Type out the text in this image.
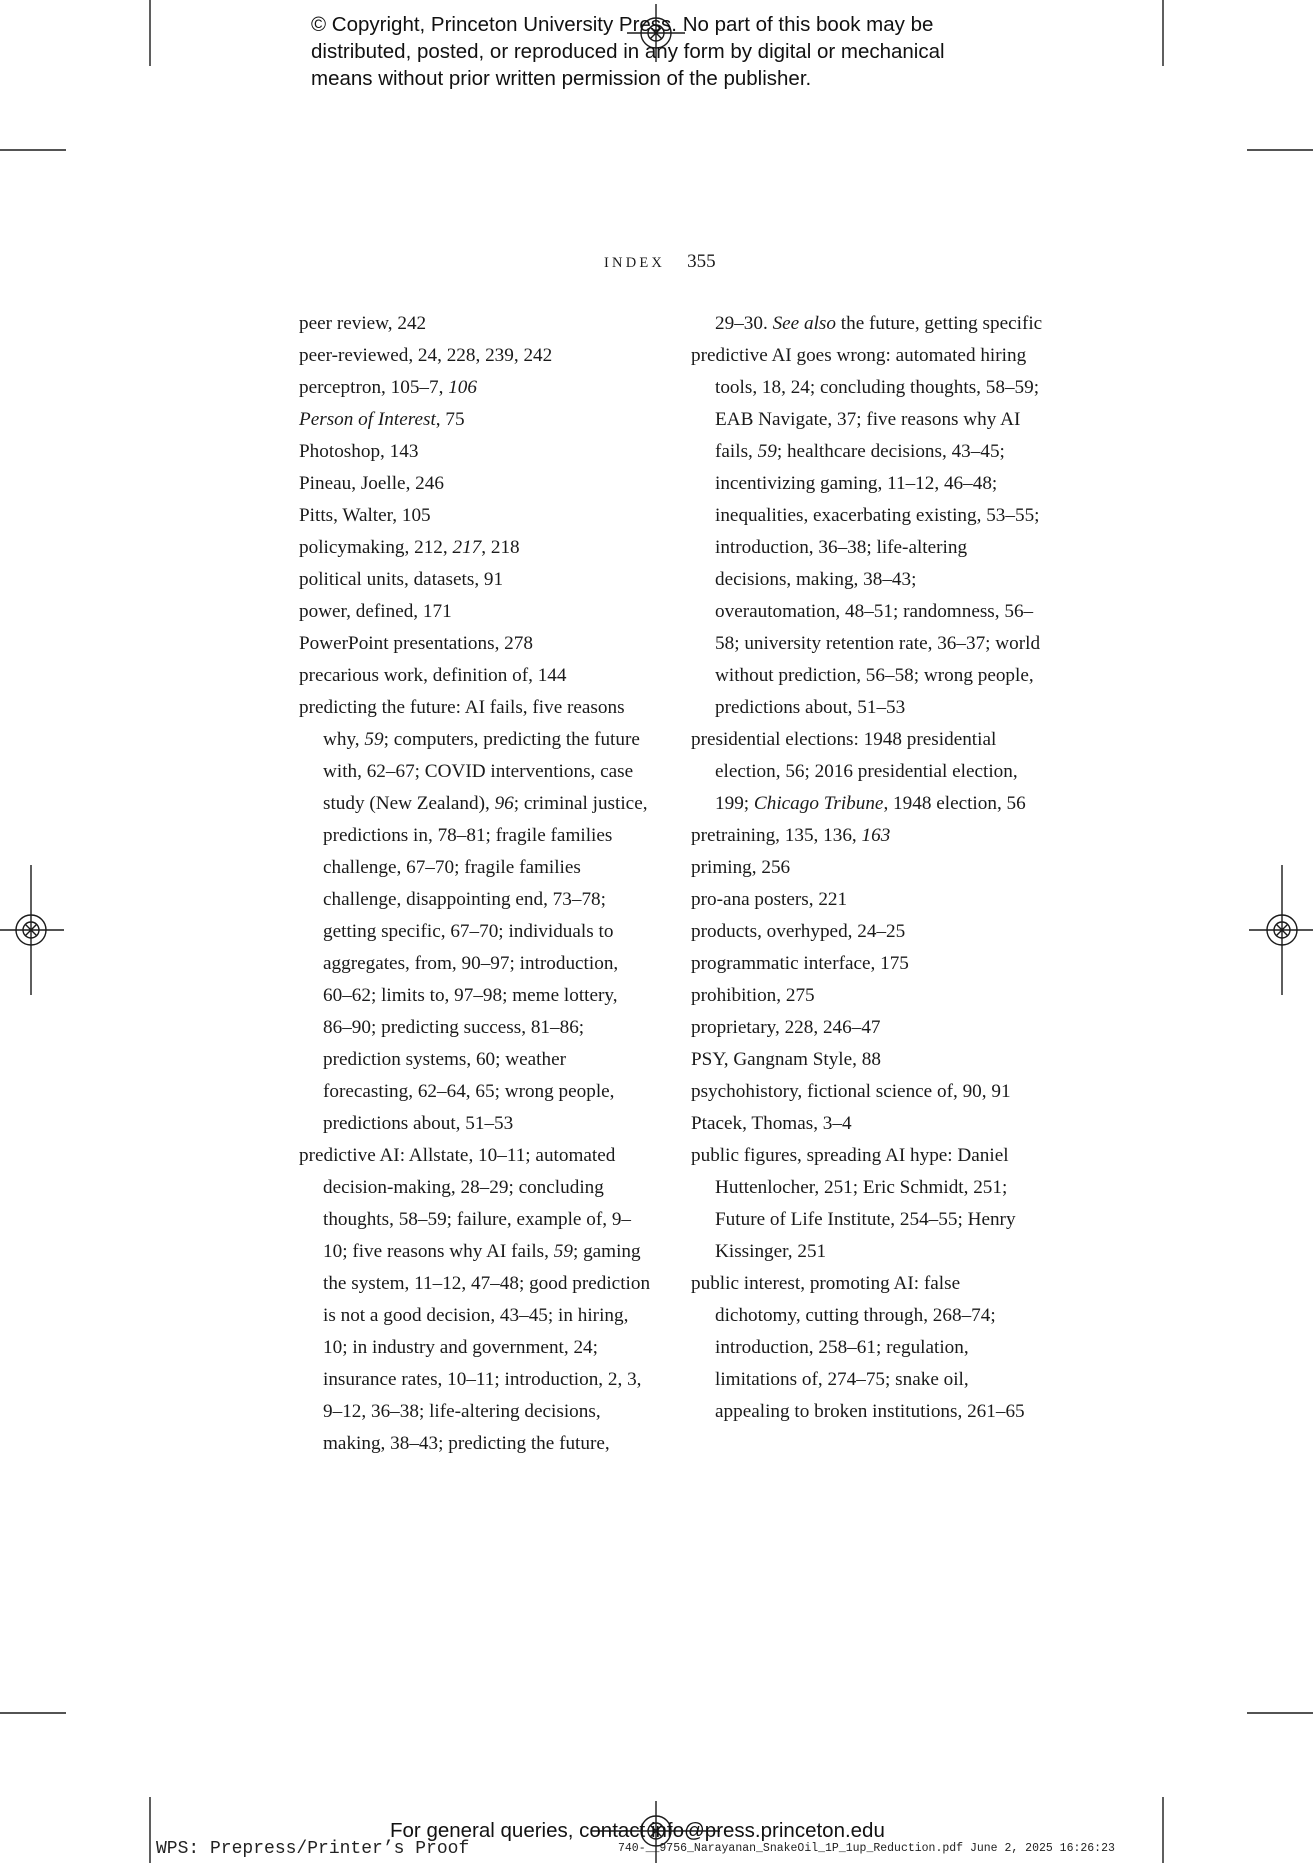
© Copyright, Princeton University Press. No part of this book may be
distributed, posted, or reproduced in any form by digital or mechanical
means without prior written permission of the publisher.
INDEX 355

peer review, 242

peer-reviewed, 24, 228, 239, 242

perceptron, 105–7, 106

Person of Interest, 75

Photoshop, 143

Pineau, Joelle, 246

Pitts, Walter, 105

policymaking, 212, 217, 218

political units, datasets, 91

power, defined, 171

PowerPoint presentations, 278

precarious work, definition of, 144

predicting the future: AI fails, five reasons why, 59; computers, predicting the future with, 62–67; COVID interventions, case study (New Zealand), 96; criminal justice, predictions in, 78–81; fragile families challenge, 67–70; fragile families challenge, disappointing end, 73–78; getting specific, 67–70; individuals to aggregates, from, 90–97; introduction, 60–62; limits to, 97–98; meme lottery, 86–90; predicting success, 81–86; prediction systems, 60; weather forecasting, 62–64, 65; wrong people, predictions about, 51–53

predictive AI: Allstate, 10–11; automated decision-making, 28–29; concluding thoughts, 58–59; failure, example of, 9–10; five reasons why AI fails, 59; gaming the system, 11–12, 47–48; good prediction is not a good decision, 43–45; in hiring, 10; in industry and government, 24; insurance rates, 10–11; introduction, 2, 3, 9–12, 36–38; life-altering decisions, making, 38–43; predicting the future,

29–30. See also the future, getting specific

predictive AI goes wrong: automated hiring tools, 18, 24; concluding thoughts, 58–59; EAB Navigate, 37; five reasons why AI fails, 59; healthcare decisions, 43–45; incentivizing gaming, 11–12, 46–48; inequalities, exacerbating existing, 53–55; introduction, 36–38; life-altering decisions, making, 38–43; overautomation, 48–51; randomness, 56–58; university retention rate, 36–37; world without prediction, 56–58; wrong people, predictions about, 51–53

presidential elections: 1948 presidential election, 56; 2016 presidential election, 199; Chicago Tribune, 1948 election, 56

pretraining, 135, 136, 163

priming, 256

pro-ana posters, 221

products, overhyped, 24–25

programmatic interface, 175

prohibition, 275

proprietary, 228, 246–47

PSY, Gangnam Style, 88

psychohistory, fictional science of, 90, 91

Ptacek, Thomas, 3–4

public figures, spreading AI hype: Daniel Huttenlocher, 251; Eric Schmidt, 251; Future of Life Institute, 254–55; Henry Kissinger, 251

public interest, promoting AI: false dichotomy, cutting through, 268–74; introduction, 258–61; regulation, limitations of, 274–75; snake oil, appealing to broken institutions, 261–65

For general queries, contact info@press.princeton.edu
WPS: Prepress/Printer’s Proof	740-__9756_Narayanan_SnakeOil_1P_1up_Reduction.pdf June 2, 2025 16:26:23
